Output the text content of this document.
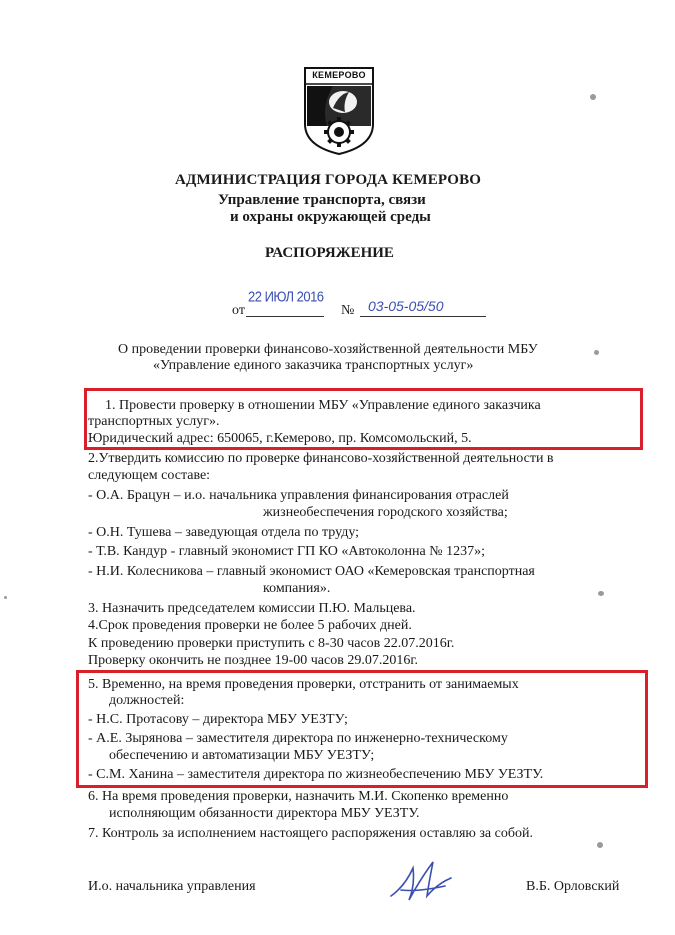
КЕМЕРОВО
АДМИНИСТРАЦИЯ ГОРОДА КЕМЕРОВО
Управление транспорта, связи
и охраны окружающей среды
РАСПОРЯЖЕНИЕ
от
22 ИЮЛ 2016
№ 03-05-05/50
О проведении проверки финансово-хозяйственной деятельности МБУ
«Управление единого заказчика транспортных услуг»
1. Провести проверку в отношении МБУ «Управление единого заказчика
транспортных услуг».
Юридический адрес: 650065, г.Кемерово, пр. Комсомольский, 5.
2.Утвердить комиссию по проверке финансово-хозяйственной деятельности в
следующем составе:
- О.А. Брацун – и.о. начальника управления финансирования отраслей
жизнеобеспечения городского хозяйства;
- О.Н. Тушева – заведующая отдела по труду;
- Т.В. Кандур - главный экономист ГП КО «Автоколонна № 1237»;
- Н.И. Колесникова – главный экономист ОАО «Кемеровская транспортная
компания».
3. Назначить председателем комиссии П.Ю. Мальцева.
4.Срок проведения проверки не более 5 рабочих дней.
К проведению проверки приступить с 8-30 часов 22.07.2016г.
Проверку окончить не позднее 19-00 часов 29.07.2016г.
5. Временно, на время проведения проверки, отстранить от занимаемых
должностей:
- Н.С. Протасову – директора МБУ УЕЗТУ;
- А.Е. Зырянова – заместителя директора по инженерно-техническому
обеспечению и автоматизации МБУ УЕЗТУ;
- С.М. Ханина – заместителя директора по жизнеобеспечению МБУ УЕЗТУ.
6. На время проведения проверки, назначить М.И. Скопенко временно
исполняющим обязанности директора МБУ УЕЗТУ.
7. Контроль за исполнением настоящего распоряжения оставляю за собой.
И.о. начальника управления	В.Б. Орловский
